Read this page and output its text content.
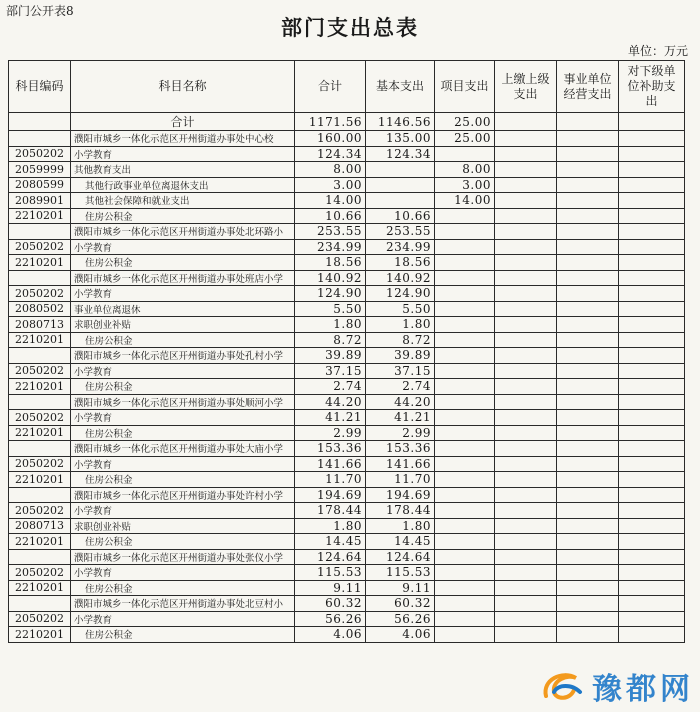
部门公开表8
部门支出总表
单位：万元
科目编码	科目名称	合计	基本支出	项目支出	上缴上级支出	事业单位经营支出	对下级单位补助支出
	合计	1171.56	1146.56	25.00			
	濮阳市城乡一体化示范区开州街道办事处中心校	160.00	135.00	25.00			
2050202	小学教育	124.34	124.34				
2059999	其他教育支出	8.00		8.00			
2080599	其他行政事业单位离退休支出	3.00		3.00			
2089901	其他社会保障和就业支出	14.00		14.00			
2210201	住房公积金	10.66	10.66				
	濮阳市城乡一体化示范区开州街道办事处北环路小	253.55	253.55				
2050202	小学教育	234.99	234.99				
2210201	住房公积金	18.56	18.56				
	濮阳市城乡一体化示范区开州街道办事处班店小学	140.92	140.92				
2050202	小学教育	124.90	124.90				
2080502	事业单位离退休	5.50	5.50				
2080713	求职创业补贴	1.80	1.80				
2210201	住房公积金	8.72	8.72				
	濮阳市城乡一体化示范区开州街道办事处孔村小学	39.89	39.89				
2050202	小学教育	37.15	37.15				
2210201	住房公积金	2.74	2.74				
	濮阳市城乡一体化示范区开州街道办事处顺河小学	44.20	44.20				
2050202	小学教育	41.21	41.21				
2210201	住房公积金	2.99	2.99				
	濮阳市城乡一体化示范区开州街道办事处大庙小学	153.36	153.36				
2050202	小学教育	141.66	141.66				
2210201	住房公积金	11.70	11.70				
	濮阳市城乡一体化示范区开州街道办事处许村小学	194.69	194.69				
2050202	小学教育	178.44	178.44				
2080713	求职创业补贴	1.80	1.80				
2210201	住房公积金	14.45	14.45				
	濮阳市城乡一体化示范区开州街道办事处张仪小学	124.64	124.64				
2050202	小学教育	115.53	115.53				
2210201	住房公积金	9.11	9.11				
	濮阳市城乡一体化示范区开州街道办事处北豆村小	60.32	60.32				
2050202	小学教育	56.26	56.26				
2210201	住房公积金	4.06	4.06				
豫都网
